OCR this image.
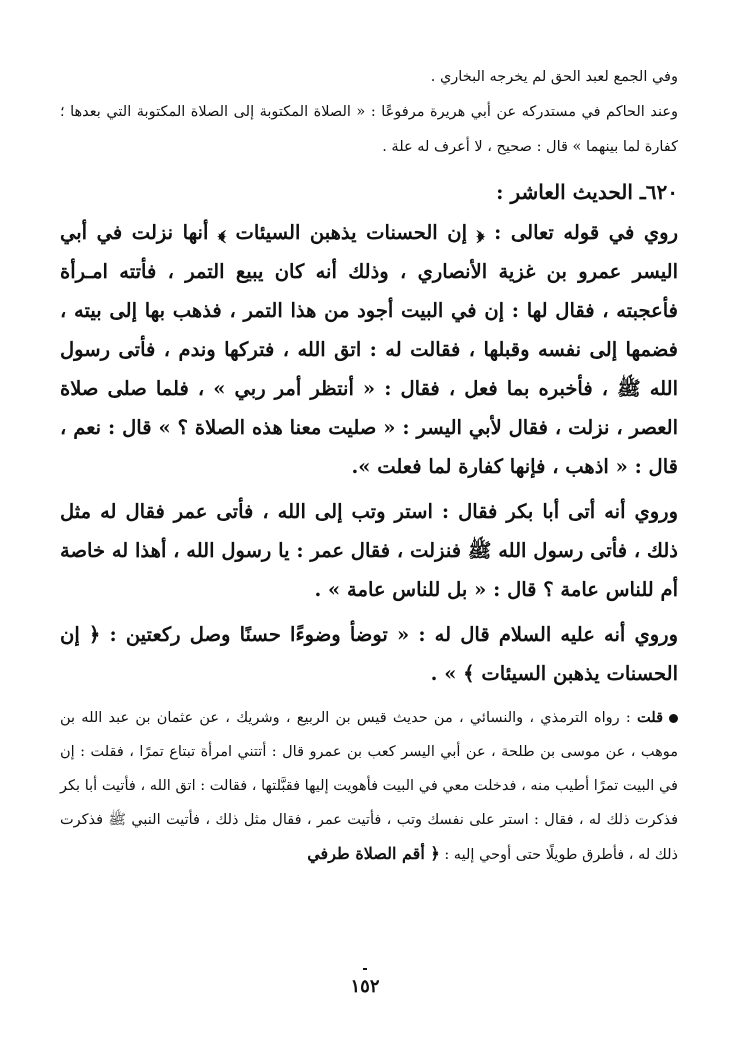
وفي الجمع لعبد الحق لم يخرجه البخاري .

وعند الحاكم في مستدركه عن أبي هريرة مرفوعًا : « الصلاة المكتوبة إلى الصلاة المكتوبة التي بعدها ؛ كفارة لما بينهما » قال : صحيح ، لا أعرف له علة .

٦٢٠ـ الحديث العاشر :

روي في قوله تعالى : ﴿ إن الحسنات يذهبن السيئات ﴾ أنها نزلت في أبي اليسر عمرو بن غزية الأنصاري ، وذلك أنه كان يبيع التمر ، فأتته امـرأة فأعجبته ، فقال لها : إن في البيت أجود من هذا التمر ، فذهب بها إلى بيته ، فضمها إلى نفسه وقبلها ، فقالت له : اتق الله ، فتركها وندم ، فأتى رسول الله ﷺ ، فأخبره بما فعل ، فقال : « أنتظر أمر ربي » ، فلما صلى صلاة العصر ، نزلت ، فقال لأبي اليسر : « صليت معنا هذه الصلاة ؟ » قال : نعم ، قال : « اذهب ، فإنها كفارة لما فعلت ».

وروي أنه أتى أبا بكر فقال : استر وتب إلى الله ، فأتى عمر فقال له مثل ذلك ، فأتى رسول الله ﷺ فنزلت ، فقال عمر : يا رسول الله ، أهذا له خاصة أم للناس عامة ؟ قال : « بل للناس عامة » .

وروي أنه عليه السلام قال له : « توضأ وضوءًا حسنًا وصل ركعتين : ﴿ إن الحسنات يذهبن السيئات ﴾ » .

قلت : رواه الترمذي ، والنسائي ، من حديث قيس بن الربيع ، وشريك ، عن عثمان بن عبد الله بن موهب ، عن موسى بن طلحة ، عن أبي اليسر كعب بن عمرو قال : أتتني امرأة تبتاع تمرًا ، فقلت : إن في البيت تمرًا أطيب منه ، فدخلت معي في البيت فأهويت إليها فقبَّلتها ، فقالت : اتق الله ، فأتيت أبا بكر فذكرت ذلك له ، فقال : استر على نفسك وتب ، فأتيت عمر ، فقال مثل ذلك ، فأتيت النبي ﷺ فذكرت ذلك له ، فأطرق طويلًا حتى أوحي إليه : ﴿ أقم الصلاة طرفي
١٥٢
